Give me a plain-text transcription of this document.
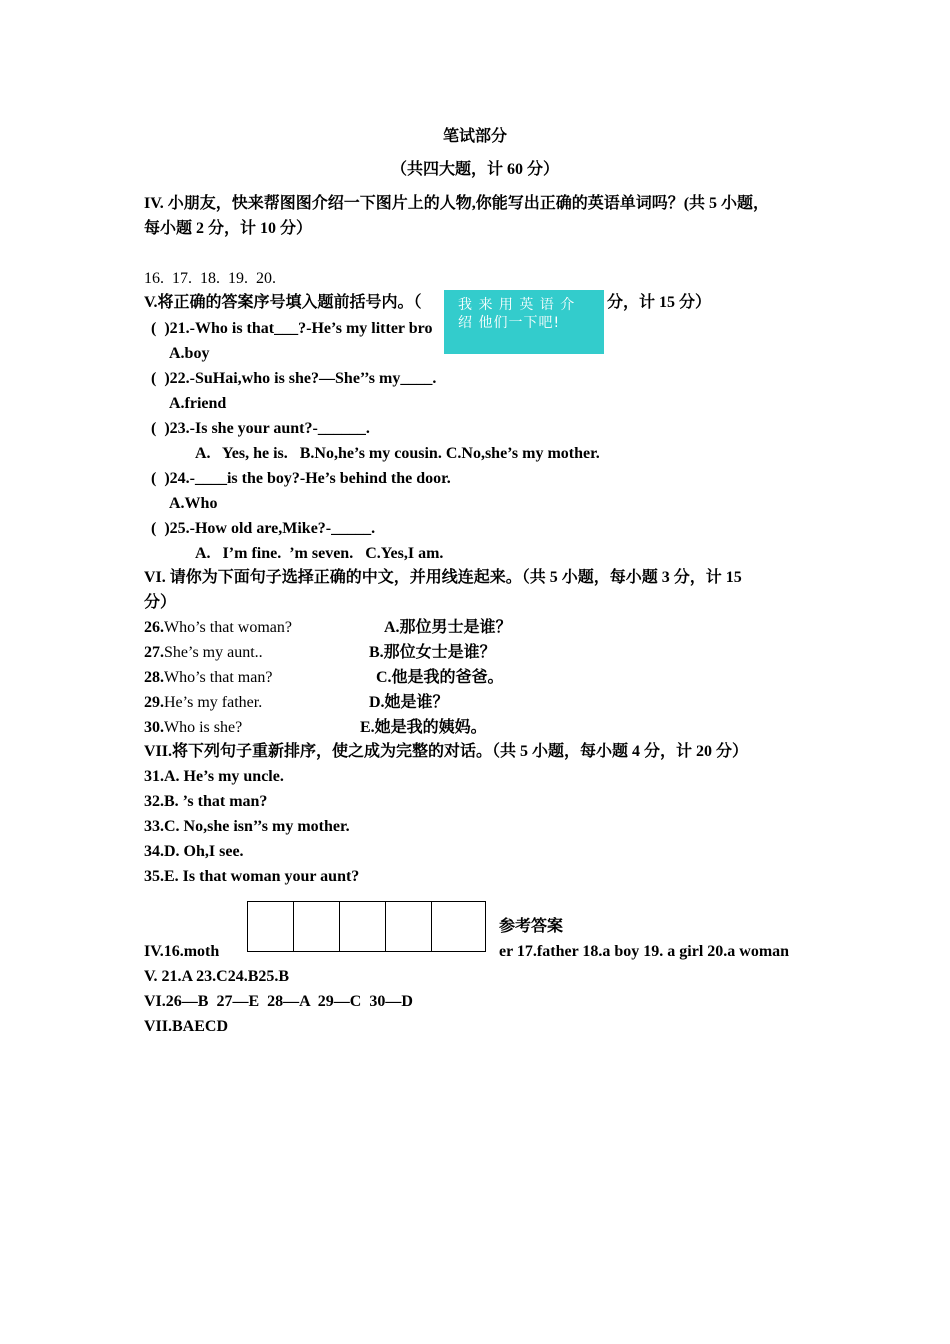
笔试部分
（共四大题，计 60 分）
IV. 小朋友，快来帮图图介绍一下图片上的人物,你能写出正确的英语单词吗？(共 5 小题，
每小题 2 分，计 10 分）
16.  17.  18.  19.  20.
V.将正确的答案序号填入题前括号内。（	分，计 15 分）
(  )21.-Who is that___?-He’s my litter bro
A.boy
(  )22.-SuHai,who is she?—She’’s my____.
A.friend
(  )23.-Is she your aunt?-______.
A.   Yes, he is.   B.No,he’s my cousin. C.No,she’s my mother.
(  )24.-____is the boy?-He’s behind the door.
A.Who
(  )25.-How old are,Mike?-_____.
A.   I’m fine.  ’m seven.   C.Yes,I am.
我 来 用 英 语 介 绍 他们一下吧!
VI. 请你为下面句子选择正确的中文，并用线连起来。（共 5 小题，每小题 3 分，计 15
分）
26.Who’s that woman?	A.那位男士是谁？
27.She’s my aunt..	B.那位女士是谁？
28.Who’s that man?	C.他是我的爸爸。
29.He’s my father.	D.她是谁？
30.Who is she?	E.她是我的姨妈。
VII.将下列句子重新排序，使之成为完整的对话。（共 5 小题，每小题 4 分，计 20 分）
31.A. He’s my uncle.
32.B. ’s that man?
33.C. No,she isn’’s my mother.
34.D. Oh,I see.
35.E. Is that woman your aunt?
参考答案
IV.16.moth	er 17.father 18.a boy 19. a girl 20.a woman
V. 21.A 23.C24.B25.B
VI.26—B  27—E  28—A  29—C  30—D
VII.BAECD
